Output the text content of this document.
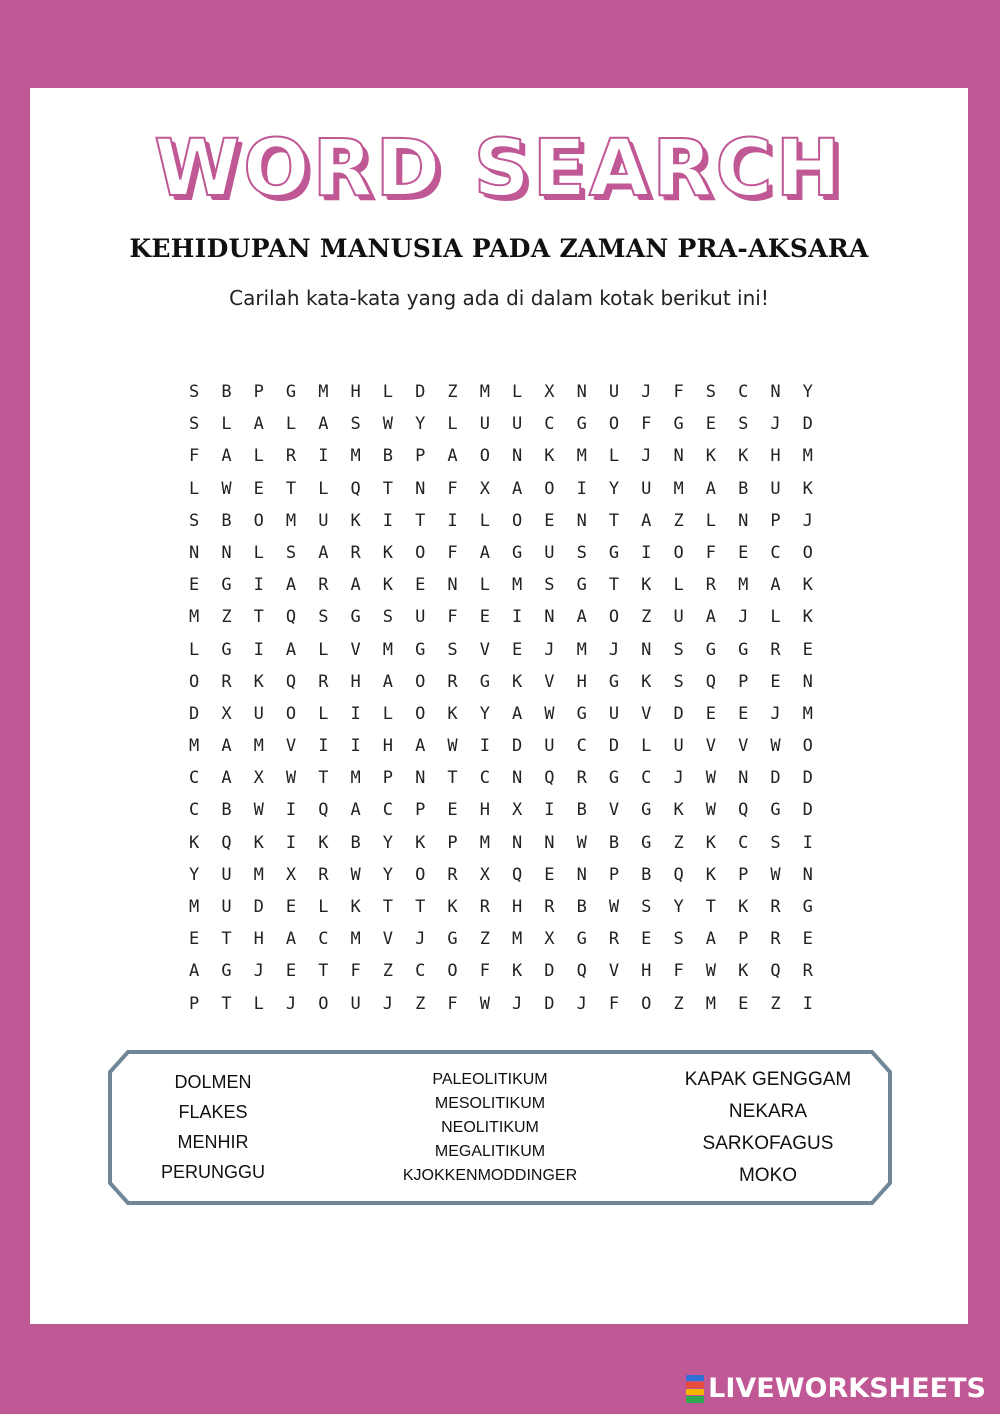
WORD SEARCH
KEHIDUPAN MANUSIA PADA ZAMAN PRA-AKSARA
Carilah kata-kata yang ada di dalam kotak berikut ini!
S	B	P	G	M	H	L	D	Z	M	L	X	N	U	J	F	S	C	N	Y
S	L	A	L	A	S	W	Y	L	U	U	C	G	O	F	G	E	S	J	D
F	A	L	R	I	M	B	P	A	O	N	K	M	L	J	N	K	K	H	M
L	W	E	T	L	Q	T	N	F	X	A	O	I	Y	U	M	A	B	U	K
S	B	O	M	U	K	I	T	I	L	O	E	N	T	A	Z	L	N	P	J
N	N	L	S	A	R	K	O	F	A	G	U	S	G	I	O	F	E	C	O
E	G	I	A	R	A	K	E	N	L	M	S	G	T	K	L	R	M	A	K
M	Z	T	Q	S	G	S	U	F	E	I	N	A	O	Z	U	A	J	L	K
L	G	I	A	L	V	M	G	S	V	E	J	M	J	N	S	G	G	R	E
O	R	K	Q	R	H	A	O	R	G	K	V	H	G	K	S	Q	P	E	N
D	X	U	O	L	I	L	O	K	Y	A	W	G	U	V	D	E	E	J	M
M	A	M	V	I	I	H	A	W	I	D	U	C	D	L	U	V	V	W	O
C	A	X	W	T	M	P	N	T	C	N	Q	R	G	C	J	W	N	D	D
C	B	W	I	Q	A	C	P	E	H	X	I	B	V	G	K	W	Q	G	D
K	Q	K	I	K	B	Y	K	P	M	N	N	W	B	G	Z	K	C	S	I
Y	U	M	X	R	W	Y	O	R	X	Q	E	N	P	B	Q	K	P	W	N
M	U	D	E	L	K	T	T	K	R	H	R	B	W	S	Y	T	K	R	G
E	T	H	A	C	M	V	J	G	Z	M	X	G	R	E	S	A	P	R	E
A	G	J	E	T	F	Z	C	O	F	K	D	Q	V	H	F	W	K	Q	R
P	T	L	J	O	U	J	Z	F	W	J	D	J	F	O	Z	M	E	Z	I
DOLMEN
FLAKES
MENHIR
PERUNGGU
PALEOLITIKUM
MESOLITIKUM
NEOLITIKUM
MEGALITIKUM
KJOKKENMODDINGER
KAPAK GENGGAM
NEKARA
SARKOFAGUS
MOKO
LIVEWORKSHEETS
